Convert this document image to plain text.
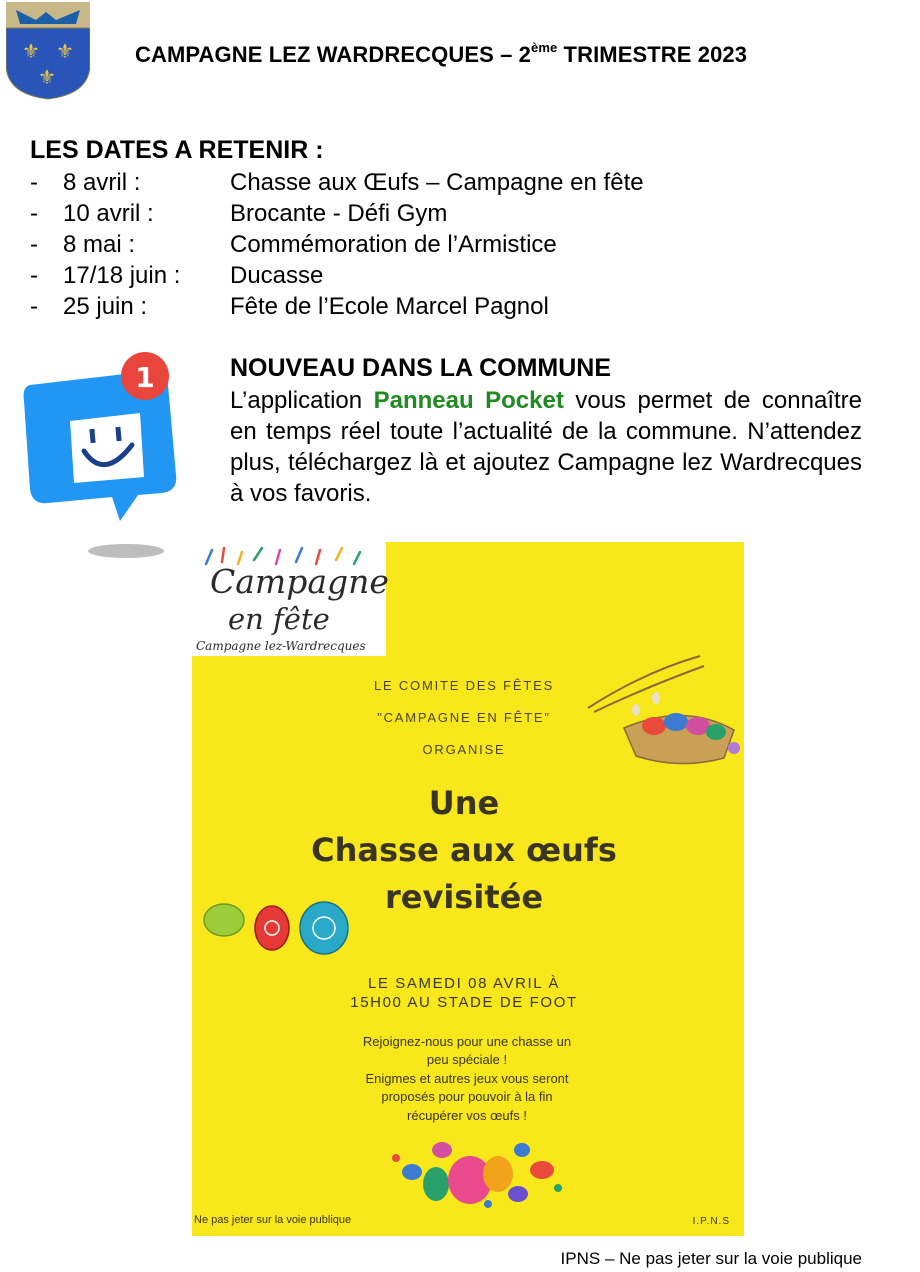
⚜ ⚜
⚜
CAMPAGNE LEZ WARDRECQUES – 2ème TRIMESTRE 2023
LES DATES A RETENIR :
- 8 avril :	Chasse aux Œufs – Campagne en fête
- 10 avril :	Brocante - Défi Gym
- 8 mai :	Commémoration de l’Armistice
- 17/18 juin : Ducasse
- 25 juin :	Fête de l’Ecole Marcel Pagnol
1	NOUVEAU DANS LA COMMUNE
L’application Panneau Pocket vous permet de connaître en temps réel toute l’actualité de la commune. N’attendez plus, téléchargez là et ajoutez Campagne lez Wardrecques à vos favoris.
Campagne
en fête
Campagne lez-Wardrecques
LE COMITE DES FÊTES
"CAMPAGNE EN FÊTE"
ORGANISE
Une
Chasse aux œufs
revisitée
LE SAMEDI 08 AVRIL À
15H00 AU STADE DE FOOT
Rejoignez-nous pour une chasse un
peu spéciale !
Enigmes et autres jeux vous seront
proposés pour pouvoir à la fin
récupérer vos œufs !
Ne pas jeter sur la voie publique	I.P.N.S
IPNS – Ne pas jeter sur la voie publique
